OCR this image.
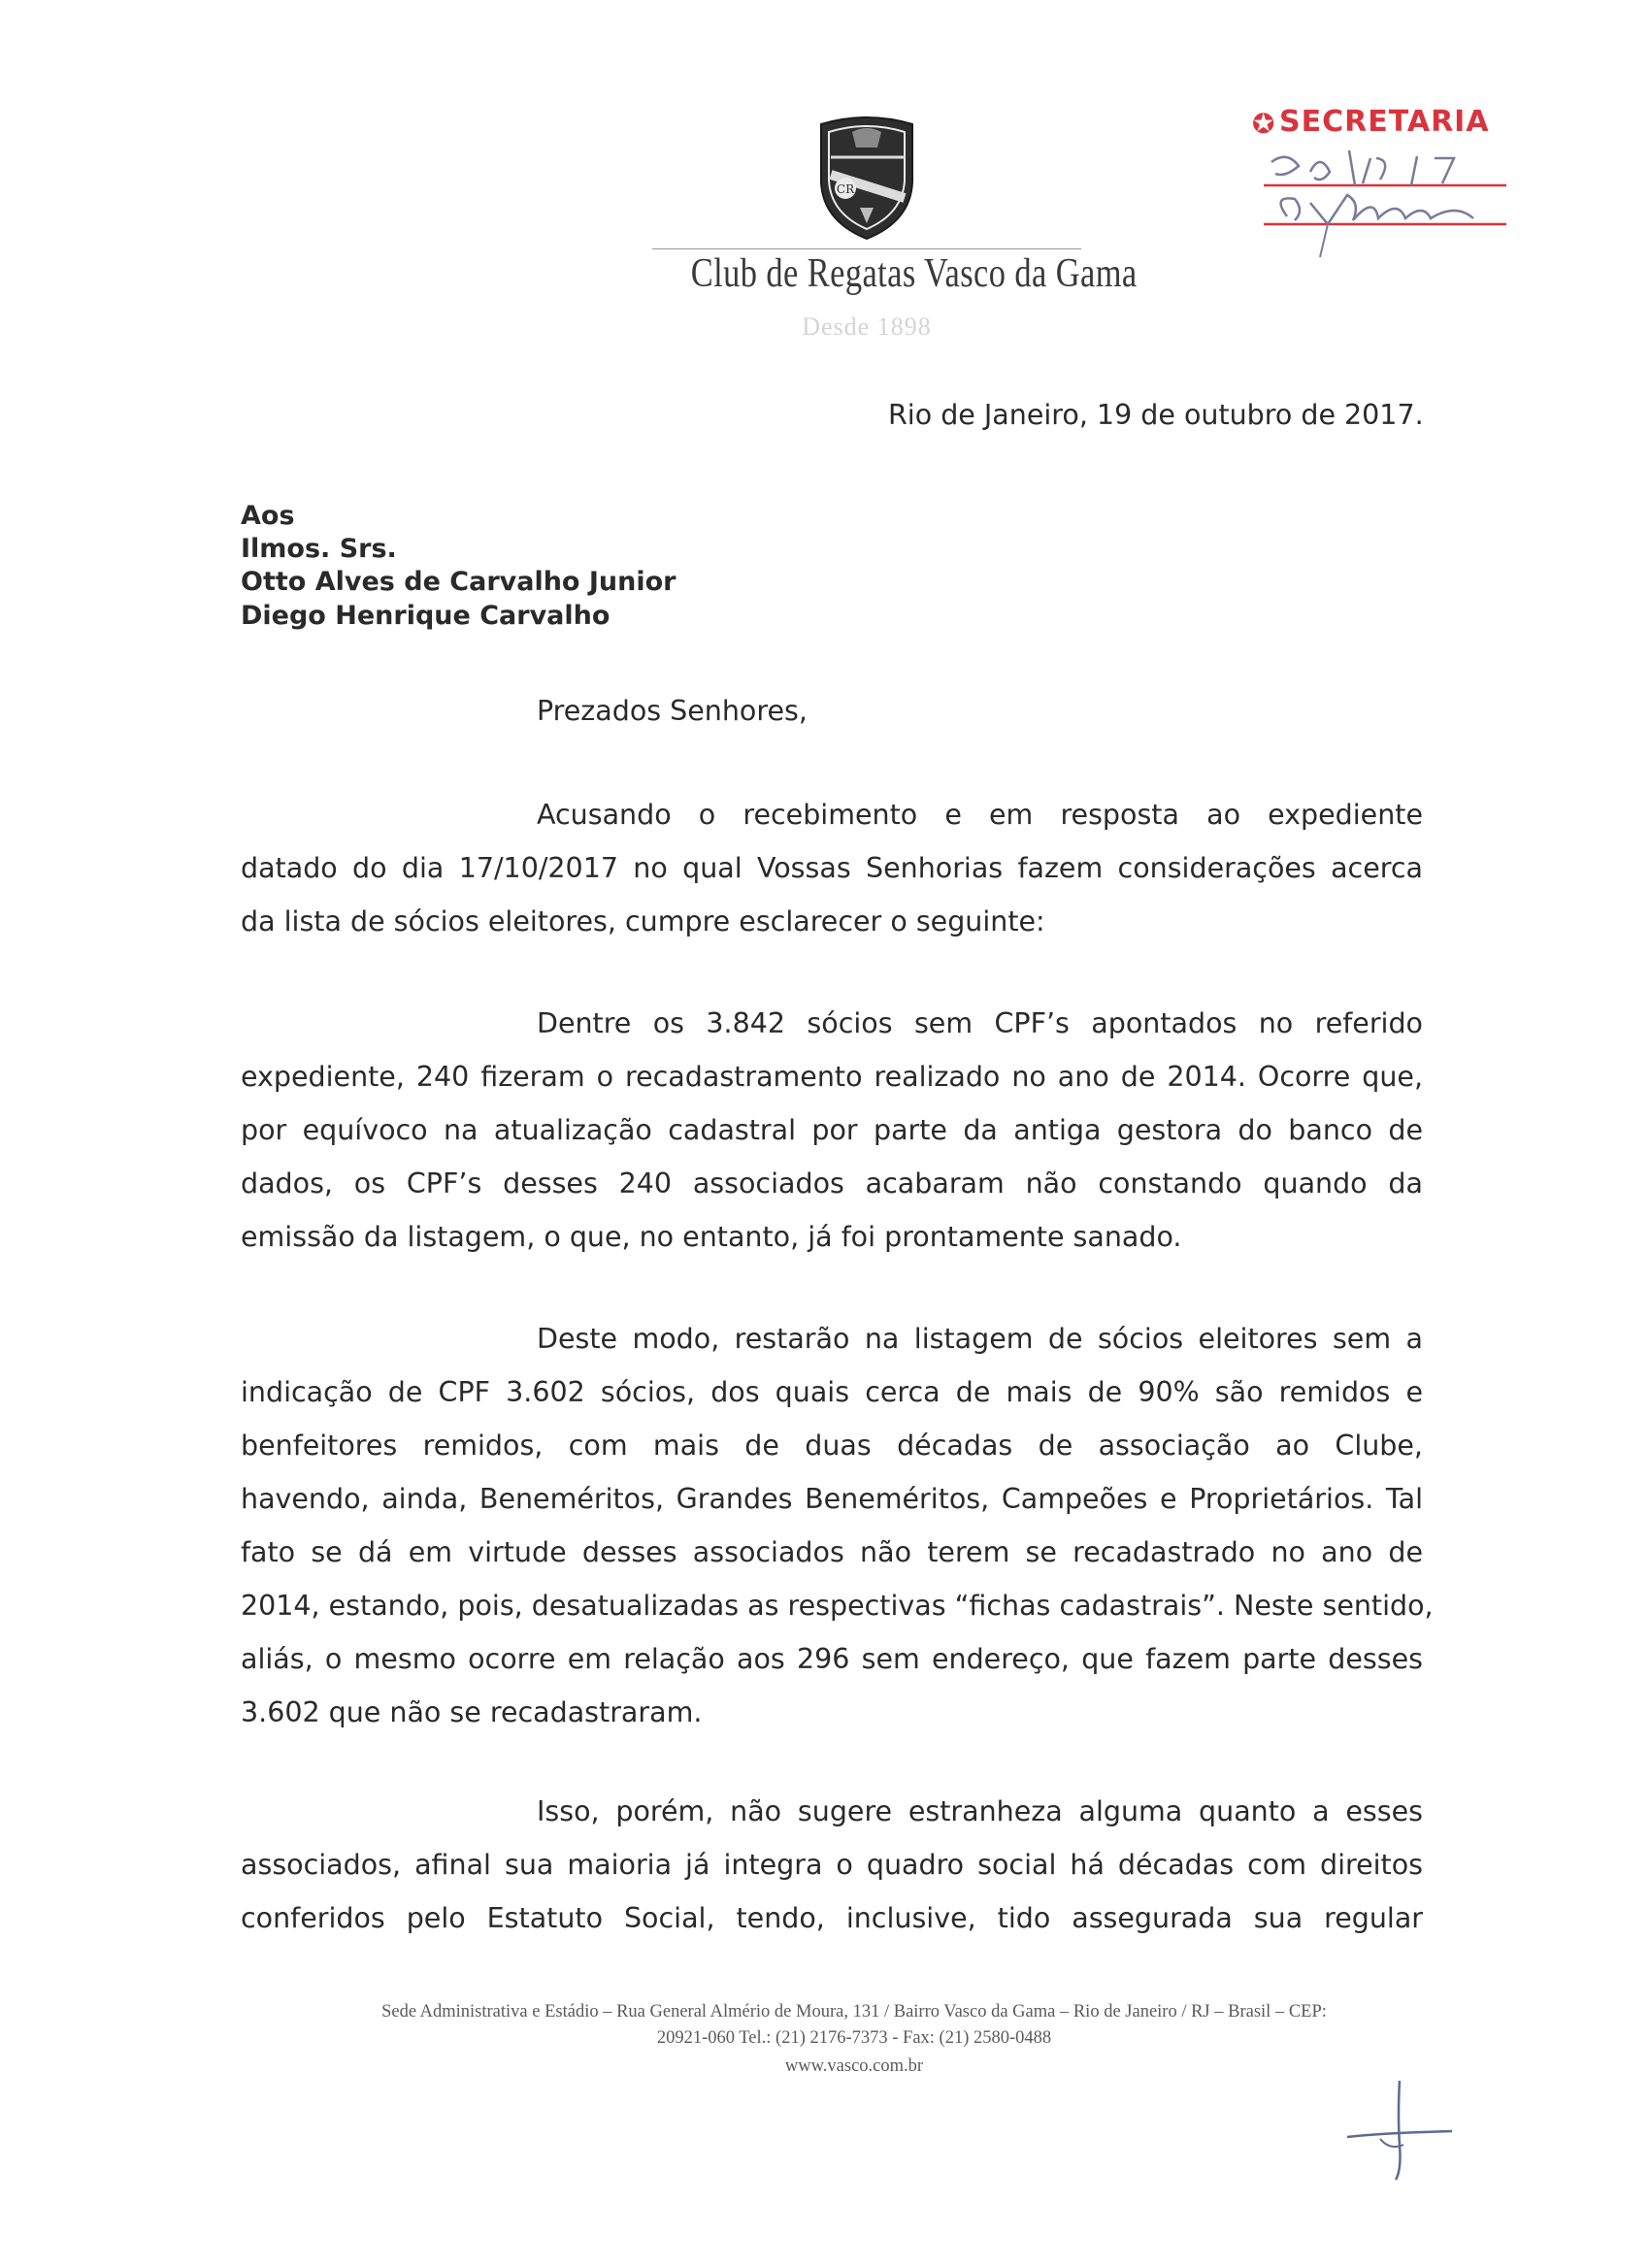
CR
Club de Regatas Vasco da Gama
Desde 1898
✪ SECRETARIA
Rio de Janeiro, 19 de outubro de 2017.
Aos
Ilmos. Srs.
Otto Alves de Carvalho Junior
Diego Henrique Carvalho
Prezados Senhores,
Acusando o recebimento e em resposta ao expediente
datado do dia 17/10/2017 no qual Vossas Senhorias fazem considerações acerca
da lista de sócios eleitores, cumpre esclarecer o seguinte:
Dentre os 3.842 sócios sem CPF’s apontados no referido
expediente, 240 fizeram o recadastramento realizado no ano de 2014. Ocorre que,
por equívoco na atualização cadastral por parte da antiga gestora do banco de
dados, os CPF’s desses 240 associados acabaram não constando quando da
emissão da listagem, o que, no entanto, já foi prontamente sanado.
Deste modo, restarão na listagem de sócios eleitores sem a
indicação de CPF 3.602 sócios, dos quais cerca de mais de 90% são remidos e
benfeitores remidos, com mais de duas décadas de associação ao Clube,
havendo, ainda, Beneméritos, Grandes Beneméritos, Campeões e Proprietários. Tal
fato se dá em virtude desses associados não terem se recadastrado no ano de
2014, estando, pois, desatualizadas as respectivas “fichas cadastrais”. Neste sentido,
aliás, o mesmo ocorre em relação aos 296 sem endereço, que fazem parte desses
3.602 que não se recadastraram.
Isso, porém, não sugere estranheza alguma quanto a esses
associados, afinal sua maioria já integra o quadro social há décadas com direitos
conferidos pelo Estatuto Social, tendo, inclusive, tido assegurada sua regular
Sede Administrativa e Estádio – Rua General Almério de Moura, 131 / Bairro Vasco da Gama – Rio de Janeiro / RJ – Brasil – CEP:
20921-060 Tel.: (21) 2176-7373 - Fax: (21) 2580-0488
www.vasco.com.br
